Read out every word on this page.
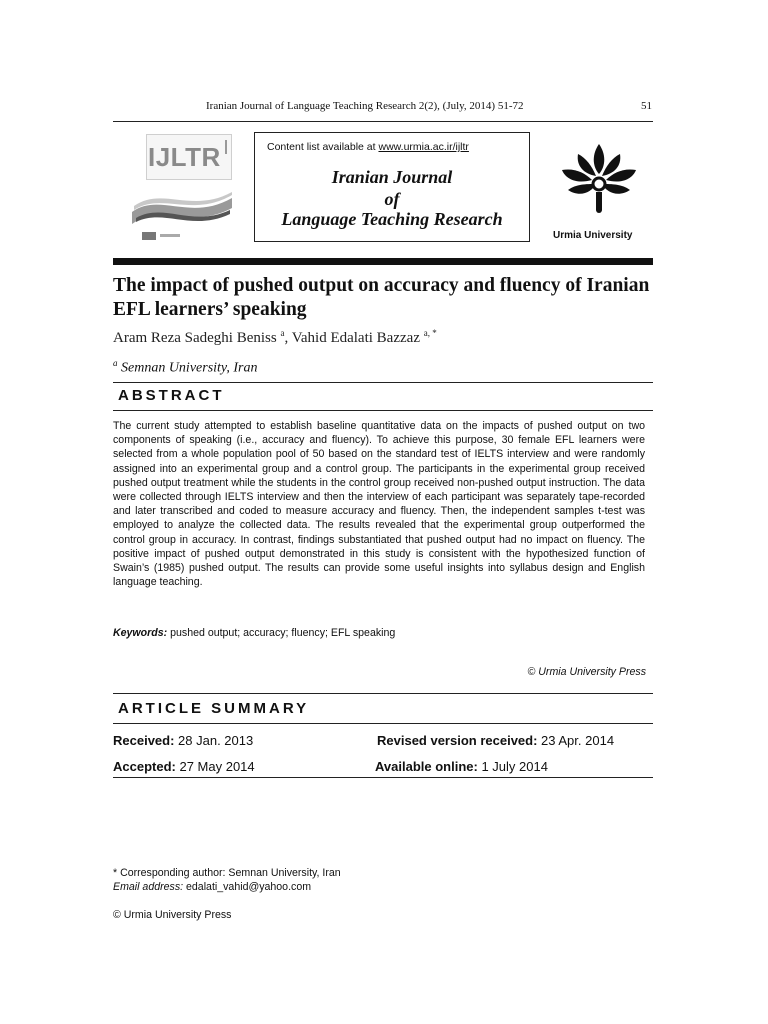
Iranian Journal of Language Teaching Research 2(2), (July, 2014) 51-72	51
IJLTR	Content list available at www.urmia.ac.ir/ijltr
Iranian Journal
of
Language Teaching Research
Urmia University
The impact of pushed output on accuracy and fluency of Iranian EFL learners’ speaking
Aram Reza Sadeghi Beniss $^a$, Vahid Edalati Bazzaz $^{a, *}$
$^a$ Semnan University, Iran
ABSTRACT
The current study attempted to establish baseline quantitative data on the impacts of pushed output on two components of speaking (i.e., accuracy and fluency). To achieve this purpose, 30 female EFL learners were selected from a whole population pool of 50 based on the standard test of IELTS interview and were randomly assigned into an experimental group and a control group. The participants in the experimental group received pushed output treatment while the students in the control group received non-pushed output instruction. The data were collected through IELTS interview and then the interview of each participant was separately tape-recorded and later transcribed and coded to measure accuracy and fluency. Then, the independent samples t-test was employed to analyze the collected data. The results revealed that the experimental group outperformed the control group in accuracy. In contrast, findings substantiated that pushed output had no impact on fluency. The positive impact of pushed output demonstrated in this study is consistent with the hypothesized function of Swain’s (1985) pushed output. The results can provide some useful insights into syllabus design and English language teaching.
Keywords: pushed output; accuracy; fluency; EFL speaking
© Urmia University Press
ARTICLE SUMMARY
Received: 28 Jan. 2013	Revised version received: 23 Apr. 2014
Accepted: 27 May 2014	Available online: 1 July 2014
* Corresponding author: Semnan University, Iran
Email address: edalati_vahid@yahoo.com
© Urmia University Press
